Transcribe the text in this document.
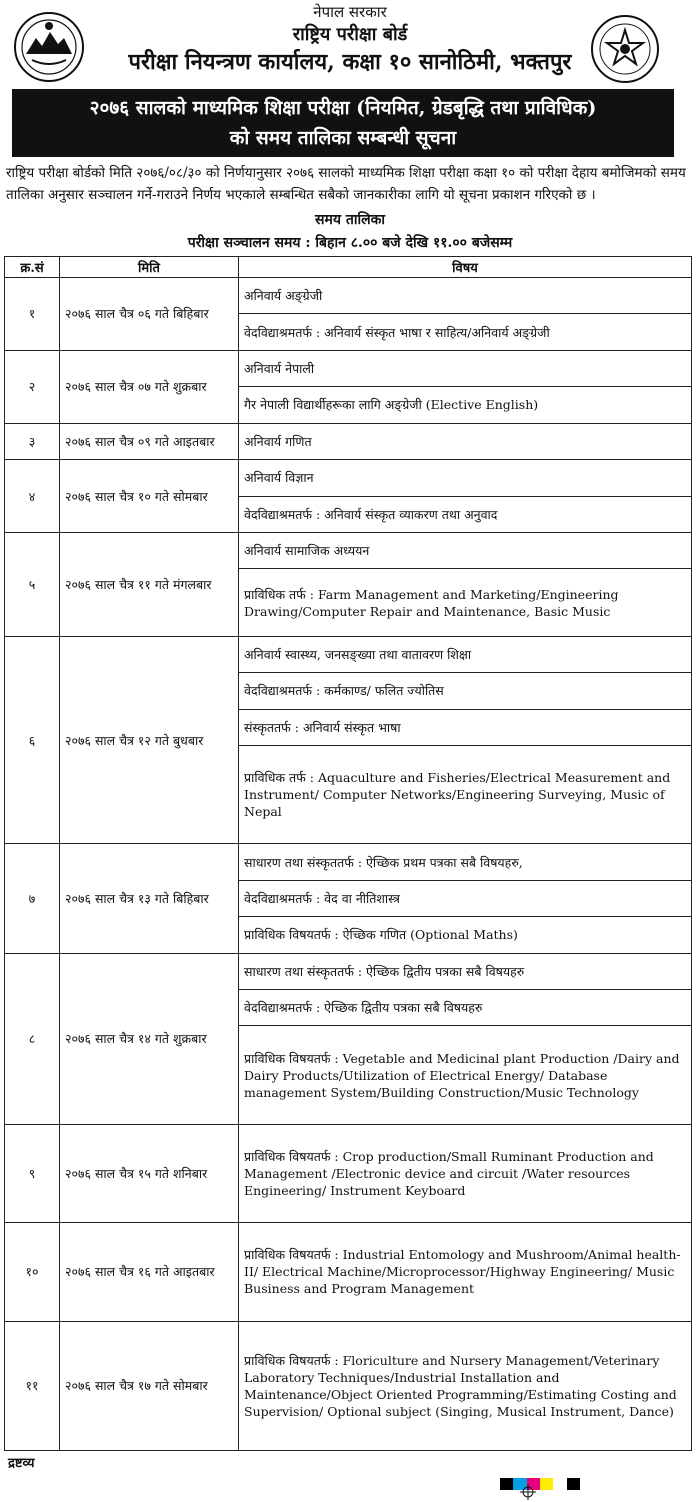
नेपाल सरकार
राष्ट्रिय परीक्षा बोर्ड
परीक्षा नियन्त्रण कार्यालय, कक्षा १० सानोठिमी, भक्तपुर
२०७६ सालको माध्यमिक शिक्षा परीक्षा (नियमित, ग्रेडबृद्धि तथा प्राविधिक)
को समय तालिका सम्बन्धी सूचना
राष्ट्रिय परीक्षा बोर्डको मिति २०७६/०८/३० को निर्णयानुसार २०७६ सालको माध्यमिक शिक्षा परीक्षा कक्षा १० को परीक्षा देहाय बमोजिमको समय तालिका अनुसार सञ्चालन गर्ने-गराउने निर्णय भएकाले सम्बन्धित सबैको जानकारीका लागि यो सूचना प्रकाशन गरिएको छ ।
समय तालिका
परीक्षा सञ्चालन समय : बिहान ८.०० बजे देखि ११.०० बजेसम्म
क्र.सं	मिति	विषय
१	२०७६ साल चैत्र ०६ गते बिहिबार	अनिवार्य अङ्ग्रेजी
		वेदविद्याश्रमतर्फ : अनिवार्य संस्कृत भाषा र साहित्य/अनिवार्य अङ्ग्रेजी
२	२०७६ साल चैत्र ०७ गते शुक्रबार	अनिवार्य नेपाली
		गैर नेपाली विद्यार्थीहरूका लागि अङ्ग्रेजी (Elective English)
३	२०७६ साल चैत्र ०९ गते आइतबार	अनिवार्य गणित
४	२०७६ साल चैत्र १० गते सोमबार	अनिवार्य विज्ञान
		वेदविद्याश्रमतर्फ : अनिवार्य संस्कृत व्याकरण तथा अनुवाद
५	२०७६ साल चैत्र ११ गते मंगलबार	अनिवार्य सामाजिक अध्ययन
		प्राविधिक तर्फ : Farm Management and Marketing/Engineering Drawing/Computer Repair and Maintenance, Basic Music
६	२०७६ साल चैत्र १२ गते बुधबार	अनिवार्य स्वास्थ्य, जनसङ्ख्या तथा वातावरण शिक्षा
		वेदविद्याश्रमतर्फ : कर्मकाण्ड/ फलित ज्योतिस
		संस्कृततर्फ : अनिवार्य संस्कृत भाषा
		प्राविधिक तर्फ : Aquaculture and Fisheries/Electrical Measurement and Instrument/ Computer Networks/Engineering Surveying, Music of Nepal
७	२०७६ साल चैत्र १३ गते बिहिबार	साधारण तथा संस्कृततर्फ : ऐच्छिक प्रथम पत्रका सबै विषयहरु,
		वेदविद्याश्रमतर्फ : वेद वा नीतिशास्त्र
		प्राविधिक विषयतर्फ : ऐच्छिक गणित (Optional Maths)
८	२०७६ साल चैत्र १४ गते शुक्रबार	साधारण तथा संस्कृततर्फ : ऐच्छिक द्वितीय पत्रका सबै विषयहरु
		वेदविद्याश्रमतर्फ : ऐच्छिक द्वितीय पत्रका सबै विषयहरु
		प्राविधिक विषयतर्फ : Vegetable and Medicinal plant Production /Dairy and Dairy Products/Utilization of Electrical Energy/ Database management System/Building Construction/Music Technology
९	२०७६ साल चैत्र १५ गते शनिबार	प्राविधिक विषयतर्फ : Crop production/Small Ruminant Production and Management /Electronic device and circuit /Water resources Engineering/ Instrument Keyboard
१०	२०७६ साल चैत्र १६ गते आइतबार	प्राविधिक विषयतर्फ : Industrial Entomology and Mushroom/Animal health-II/ Electrical Machine/Microprocessor/Highway Engineering/ Music Business and Program Management
११	२०७६ साल चैत्र १७ गते सोमबार	प्राविधिक विषयतर्फ : Floriculture and Nursery Management/Veterinary Laboratory Techniques/Industrial Installation and Maintenance/Object Oriented Programming/Estimating Costing and Supervision/ Optional subject (Singing, Musical Instrument, Dance)
द्रष्टव्य
